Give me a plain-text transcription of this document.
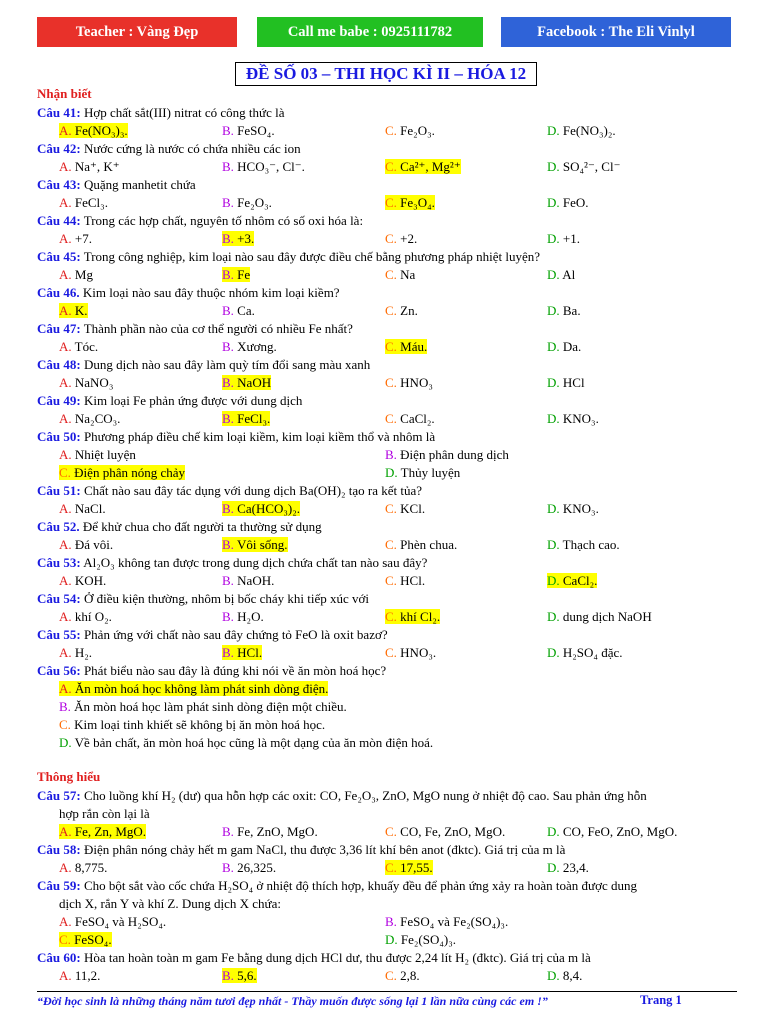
Teacher : Vàng Đẹp	Call me babe : 0925111782	Facebook : The Eli Vinlyl
ĐỀ SỐ 03 – THI HỌC KÌ II – HÓA 12
Nhận biết
Câu 41: Hợp chất sắt(III) nitrat có công thức là
A. Fe(NO₃)₃.	B. FeSO₄.	C. Fe₂O₃.	D. Fe(NO₃)₂.
Câu 42: Nước cứng là nước có chứa nhiều các ion
A. Na⁺, K⁺	B. HCO₃⁻, Cl⁻.	C. Ca²⁺, Mg²⁺	D. SO₄²⁻, Cl⁻
Câu 43: Quặng manhetit chứa
A. FeCl₃.	B. Fe₂O₃.	C. Fe₃O₄.	D. FeO.
Câu 44: Trong các hợp chất, nguyên tố nhôm có số oxi hóa là:
A. +7.	B. +3.	C. +2.	D. +1.
Câu 45: Trong công nghiệp, kim loại nào sau đây được điều chế bằng phương pháp nhiệt luyện?
A. Mg	B. Fe	C. Na	D. Al
Câu 46. Kim loại nào sau đây thuộc nhóm kim loại kiềm?
A. K.	B. Ca.	C. Zn.	D. Ba.
Câu 47: Thành phần nào của cơ thể người có nhiều Fe nhất?
A. Tóc.	B. Xương.	C. Máu.	D. Da.
Câu 48: Dung dịch nào sau đây làm quỳ tím đổi sang màu xanh
A. NaNO₃	B. NaOH	C. HNO₃	D. HCl
Câu 49: Kim loại Fe phản ứng được với dung dịch
A. Na₂CO₃.	B. FeCl₃.	C. CaCl₂.	D. KNO₃.
Câu 50: Phương pháp điều chế kim loại kiềm, kim loại kiềm thổ và nhôm là
A. Nhiệt luyện	B. Điện phân dung dịch
C. Điện phân nóng chảy	D. Thủy luyện
Câu 51: Chất nào sau đây tác dụng với dung dịch Ba(OH)₂ tạo ra kết tủa?
A. NaCl.	B. Ca(HCO₃)₂.	C. KCl.	D. KNO₃.
Câu 52. Để khử chua cho đất người ta thường sử dụng
A. Đá vôi.	B. Vôi sống.	C. Phèn chua.	D. Thạch cao.
Câu 53: Al₂O₃ không tan được trong dung dịch chứa chất tan nào sau đây?
A. KOH.	B. NaOH.	C. HCl.	D. CaCl₂.
Câu 54: Ở điều kiện thường, nhôm bị bốc cháy khi tiếp xúc với
A. khí O₂.	B. H₂O.	C. khí Cl₂.	D. dung dịch NaOH
Câu 55: Phản ứng với chất nào sau đây chứng tỏ FeO là oxit bazơ?
A. H₂.	B. HCl.	C. HNO₃.	D. H₂SO₄ đặc.
Câu 56: Phát biểu nào sau đây là đúng khi nói về ăn mòn hoá học?
A. Ăn mòn hoá học không làm phát sinh dòng điện.
B. Ăn mòn hoá học làm phát sinh dòng điện một chiều.
C. Kim loại tinh khiết sẽ không bị ăn mòn hoá học.
D. Về bản chất, ăn mòn hoá học cũng là một dạng của ăn mòn điện hoá.
Câu 57: Cho luồng khí H₂ (dư) qua hỗn hợp các oxit: CO, Fe₂O₃, ZnO, MgO nung ở nhiệt độ cao. Sau phản ứng hỗn
hợp rắn còn lại là
A. Fe, Zn, MgO.	B. Fe, ZnO, MgO.	C. CO, Fe, ZnO, MgO.	D. CO, FeO, ZnO, MgO.
Câu 58: Điện phân nóng chảy hết m gam NaCl, thu được 3,36 lít khí bên anot (đktc). Giá trị của m là
A. 8,775.	B. 26,325.	C. 17,55.	D. 23,4.
Câu 59: Cho bột sắt vào cốc chứa H₂SO₄ ở nhiệt độ thích hợp, khuấy đều để phản ứng xảy ra hoàn toàn được dung
dịch X, rắn Y và khí Z. Dung dịch X chứa:
A. FeSO₄ và H₂SO₄.	B. FeSO₄ và Fe₂(SO₄)₃.
C. FeSO₄.	D. Fe₂(SO₄)₃.
Câu 60: Hòa tan hoàn toàn m gam Fe bằng dung dịch HCl dư, thu được 2,24 lít H₂ (đktc). Giá trị của m là
A. 11,2.	B. 5,6.	C. 2,8.	D. 8,4.
Thông hiểu
“Đời học sinh là những tháng năm tươi đẹp nhất - Thầy muốn được sống lại 1 lần nữa cùng các em !”	Trang 1
